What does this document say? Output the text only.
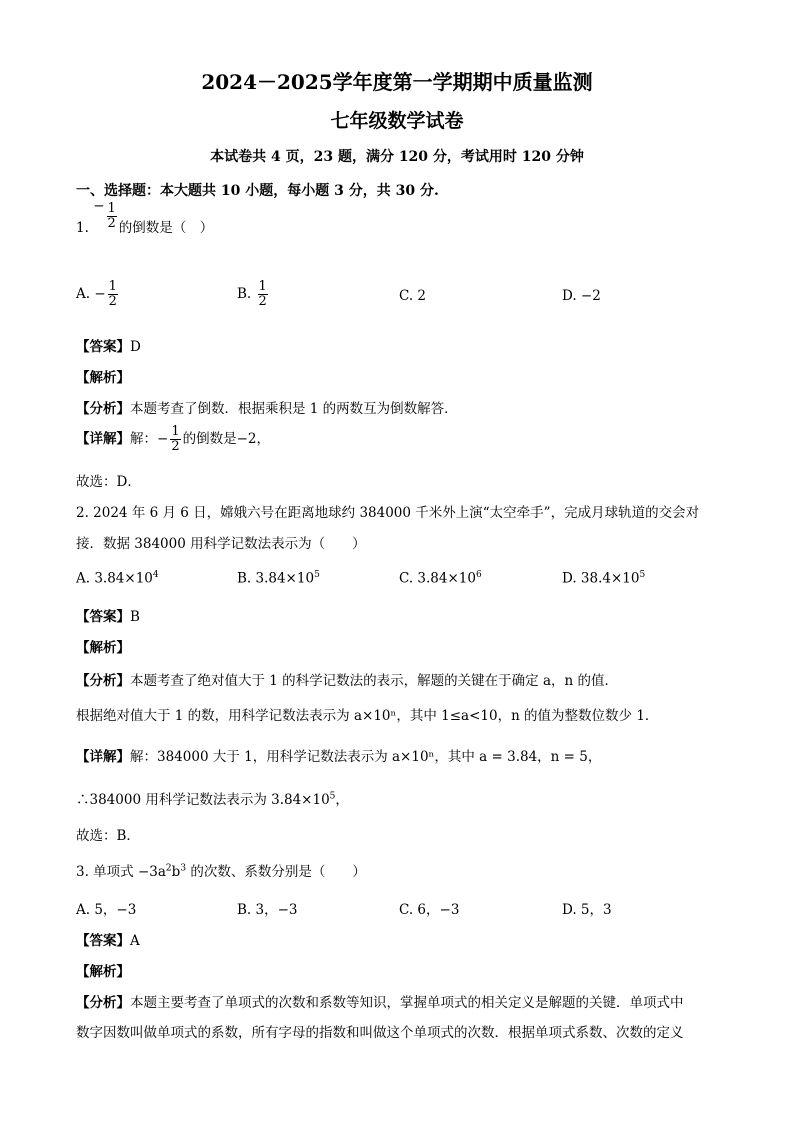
2024－2025学年度第一学期期中质量监测
七年级数学试卷
本试卷共 4 页，23 题，满分 120 分，考试用时 120 分钟
一、选择题：本大题共 10 小题，每小题 3 分，共 30 分.
1. − $\frac{1}{2}$ 的倒数是（　）
A. − $\frac{1}{2}$	B. $\frac{1}{2}$	C. 2	D. −2
【答案】D
【解析】
【分析】本题考查了倒数．根据乘积是 1 的两数互为倒数解答．
【详解】解：− $\frac{1}{2}$ 的倒数是−2，
故选：D．
2. 2024 年 6 月 6 日，嫦娥六号在距离地球约 384000 千米外上演“太空牵手”，完成月球轨道的交会对
接．数据 384000 用科学记数法表示为（　　）
A. $3.84\times 10^4$	B. $3.84\times 10^5$	C. $3.84\times 10^6$	D. $38.4\times 10^5$
【答案】B
【解析】
【分析】本题考查了绝对值大于 1 的科学记数法的表示，解题的关键在于确定 a，n 的值．
根据绝对值大于 1 的数，用科学记数法表示为 a×10ⁿ，其中 1≤a<10，n 的值为整数位数少 1．
【详解】解：384000 大于 1，用科学记数法表示为 a×10ⁿ，其中 a = 3.84，n = 5，
∴384000 用科学记数法表示为 $3.84\times 10^5$，
故选：B．
3. 单项式 $-3a^2b^3$ 的次数、系数分别是（　　）
A. 5，−3	B. 3，−3	C. 6，−3	D. 5，3
【答案】A
【解析】
【分析】本题主要考查了单项式的次数和系数等知识，掌握单项式的相关定义是解题的关键．单项式中
数字因数叫做单项式的系数，所有字母的指数和叫做这个单项式的次数．根据单项式系数、次数的定义
